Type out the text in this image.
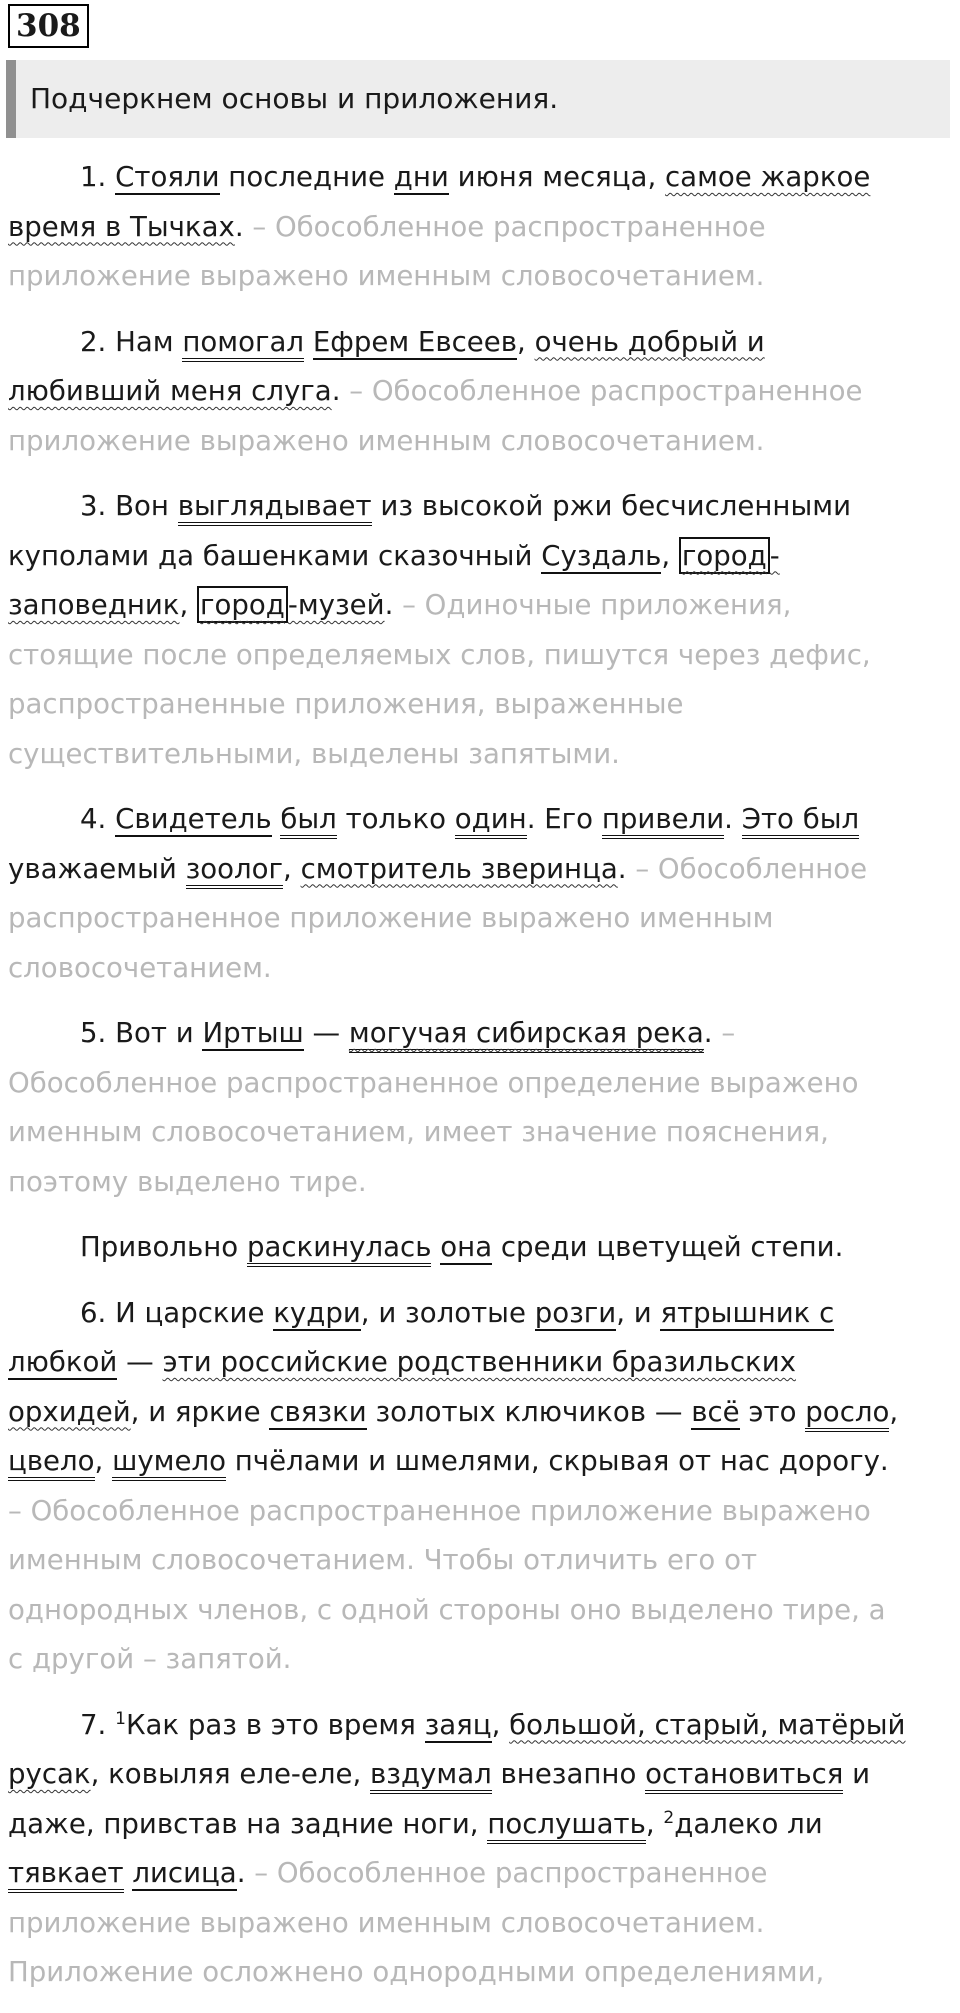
308
Подчеркнем основы и приложения.
1. Стояли последние дни июня месяца, самое жаркое
время в Тычках. – Обособленное распространенное
приложение выражено именным словосочетанием.
2. Нам помогал Ефрем Евсеев, очень добрый и
любивший меня слуга. – Обособленное распространенное
приложение выражено именным словосочетанием.
3. Вон выглядывает из высокой ржи бесчисленными
куполами да башенками сказочный Суздаль, город -
заповедник, город -музей. – Одиночные приложения,
стоящие после определяемых слов, пишутся через дефис,
распространенные приложения, выраженные
существительными, выделены запятыми.
4. Свидетель был только один. Его привели. Это был
уважаемый зоолог, смотритель зверинца. – Обособленное
распространенное приложение выражено именным
словосочетанием.
5. Вот и Иртыш — могучая сибирская река. –
Обособленное распространенное определение выражено
именным словосочетанием, имеет значение пояснения,
поэтому выделено тире.
Привольно раскинулась она среди цветущей степи.
6. И царские кудри, и золотые розги, и ятрышник с
любкой — эти российские родственники бразильских
орхидей, и яркие связки золотых ключиков — всё это росло,
цвело, шумело пчёлами и шмелями, скрывая от нас дорогу.
– Обособленное распространенное приложение выражено
именным словосочетанием. Чтобы отличить его от
однородных членов, с одной стороны оно выделено тире, а
с другой – запятой.
7. $^1$Как раз в это время заяц, большой, старый, матёрый
русак, ковыляя еле-еле, вздумал внезапно остановиться и
даже, привстав на задние ноги, послушать, $^2$далеко ли
тявкает лисица. – Обособленное распространенное
приложение выражено именным словосочетанием.
Приложение осложнено однородными определениями,
